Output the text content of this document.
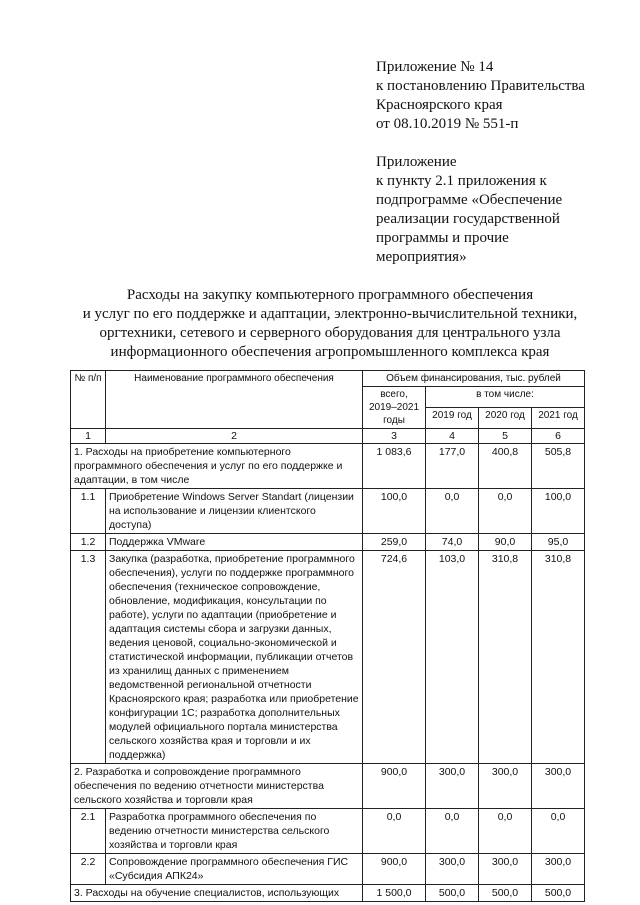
Приложение № 14
к постановлению Правительства
Красноярского края
от 08.10.2019 № 551-п
Приложение
к пункту 2.1 приложения к
подпрограмме «Обеспечение
реализации государственной
программы и прочие
мероприятия»
Расходы на закупку компьютерного программного обеспечения
и услуг по его поддержке и адаптации, электронно-вычислительной техники,
оргтехники, сетевого и серверного оборудования для центрального узла
информационного обеспечения агропромышленного комплекса края
№ п/п	Наименование программного обеспечения	Объем финансирования, тыс. рублей			
		всего, 2019–2021 годы	в том числе:		
			2019 год	2020 год	2021 год
1	2	3	4	5	6
1. Расходы на приобретение компьютерного программного обеспечения и услуг по его поддержке и адаптации, в том числе		1 083,6	177,0	400,8	505,8
1.1	Приобретение Windows Server Standart (лицензии на использование и лицензии клиентского доступа)	100,0	0,0	0,0	100,0
1.2	Поддержка VMware	259,0	74,0	90,0	95,0
1.3	Закупка (разработка, приобретение программного обеспечения), услуги по поддержке программного обеспечения (техническое сопровождение, обновление, модификация, консультации по работе), услуги по адаптации (приобретение и адаптация системы сбора и загрузки данных, ведения ценовой, социально-экономической и статистической информации, публикации отчетов из хранилищ данных с применением ведомственной региональной отчетности Красноярского края; разработка или приобретение конфигурации 1С; разработка дополнительных модулей официального портала министерства сельского хозяйства края и торговли и их поддержка)	724,6	103,0	310,8	310,8
2. Разработка и сопровождение программного обеспечения по ведению отчетности министерства сельского хозяйства и торговли края		900,0	300,0	300,0	300,0
2.1	Разработка программного обеспечения по ведению отчетности министерства сельского хозяйства и торговли края	0,0	0,0	0,0	0,0
2.2	Сопровождение программного обеспечения ГИС «Субсидия АПК24»	900,0	300,0	300,0	300,0
3. Расходы на обучение специалистов, использующих		1 500,0	500,0	500,0	500,0
